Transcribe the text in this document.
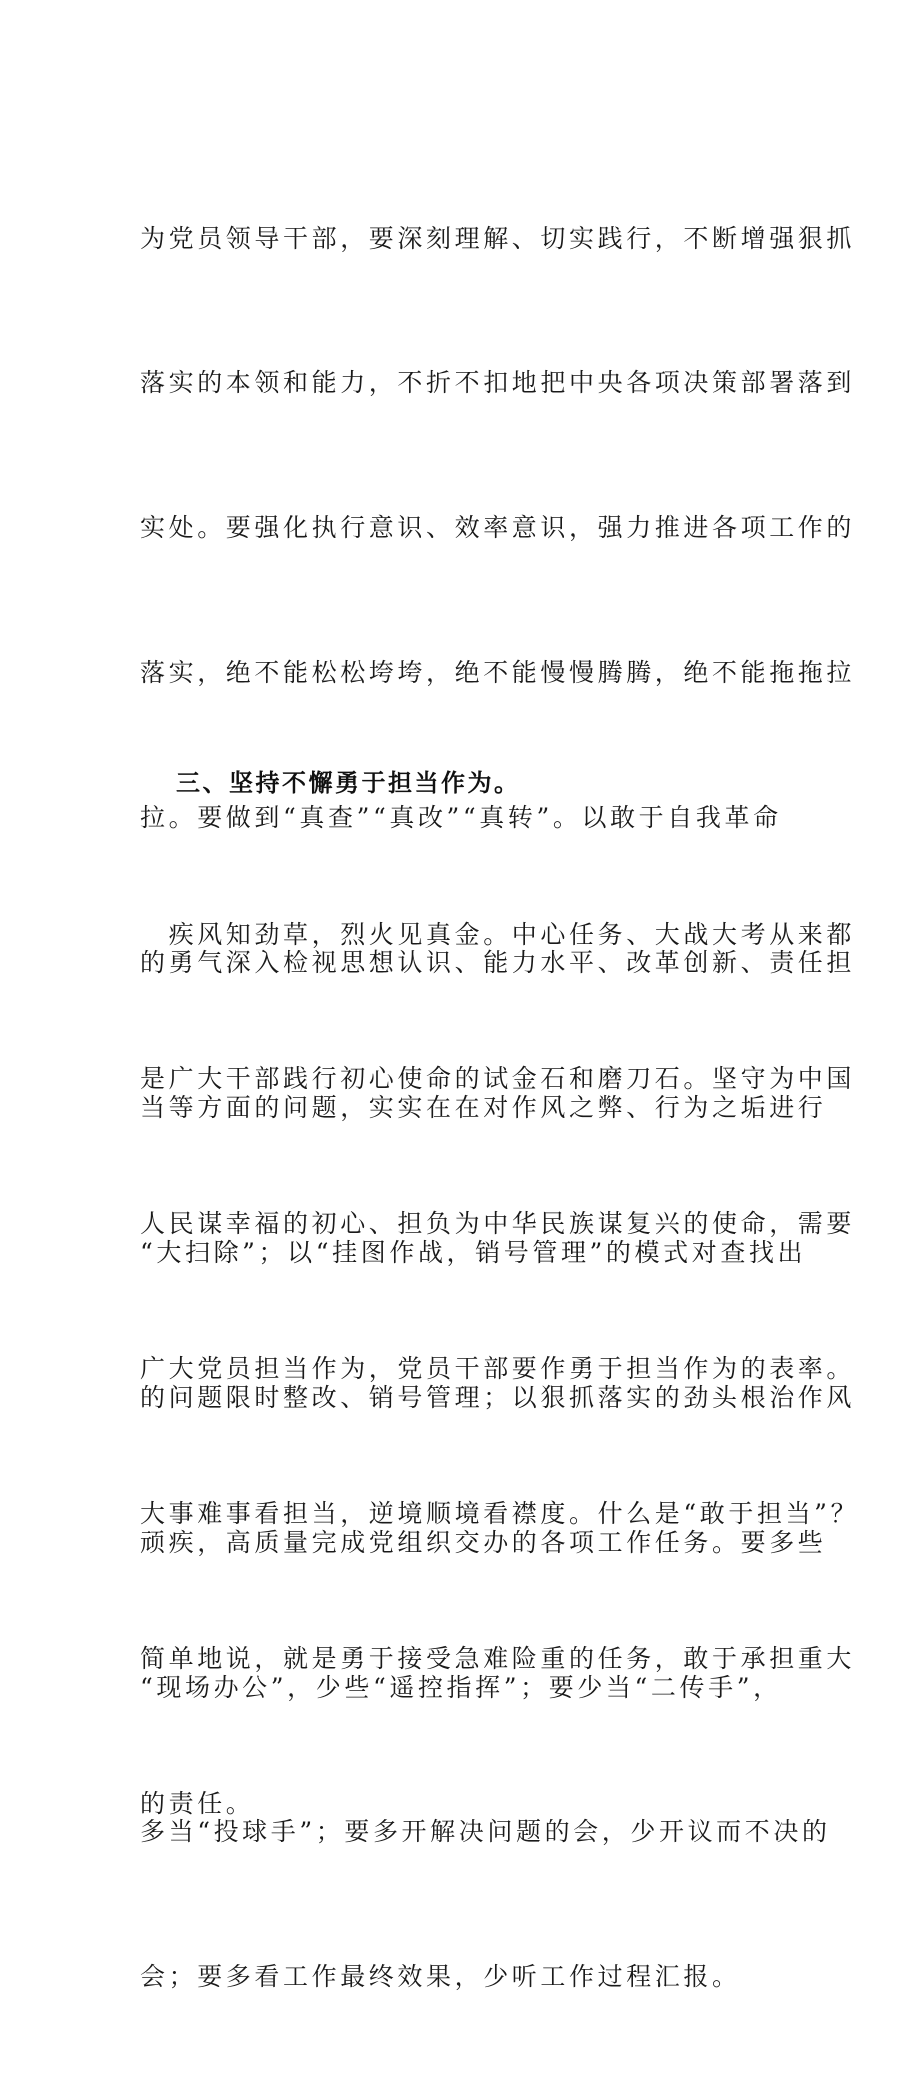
为党员领导干部，要深刻理解、切实践行，不断增强狠抓

落实的本领和能力，不折不扣地把中央各项决策部署落到

实处。要强化执行意识、效率意识，强力推进各项工作的

落实，绝不能松松垮垮，绝不能慢慢腾腾，绝不能拖拖拉

拉。要做到“真查”“真改”“真转”。以敢于自我革命

的勇气深入检视思想认识、能力水平、改革创新、责任担

当等方面的问题，实实在在对作风之弊、行为之垢进行

“大扫除”；以“挂图作战，销号管理”的模式对查找出

的问题限时整改、销号管理；以狠抓落实的劲头根治作风

顽疾，高质量完成党组织交办的各项工作任务。要多些

“现场办公”，少些“遥控指挥”；要少当“二传手”，

多当“投球手”；要多开解决问题的会，少开议而不决的

会；要多看工作最终效果，少听工作过程汇报。

三、坚持不懈勇于担当作为。

　疾风知劲草，烈火见真金。中心任务、大战大考从来都

是广大干部践行初心使命的试金石和磨刀石。坚守为中国

人民谋幸福的初心、担负为中华民族谋复兴的使命，需要

广大党员担当作为，党员干部要作勇于担当作为的表率。

大事难事看担当，逆境顺境看襟度。什么是“敢于担当”？

简单地说，就是勇于接受急难险重的任务，敢于承担重大

的责任。
